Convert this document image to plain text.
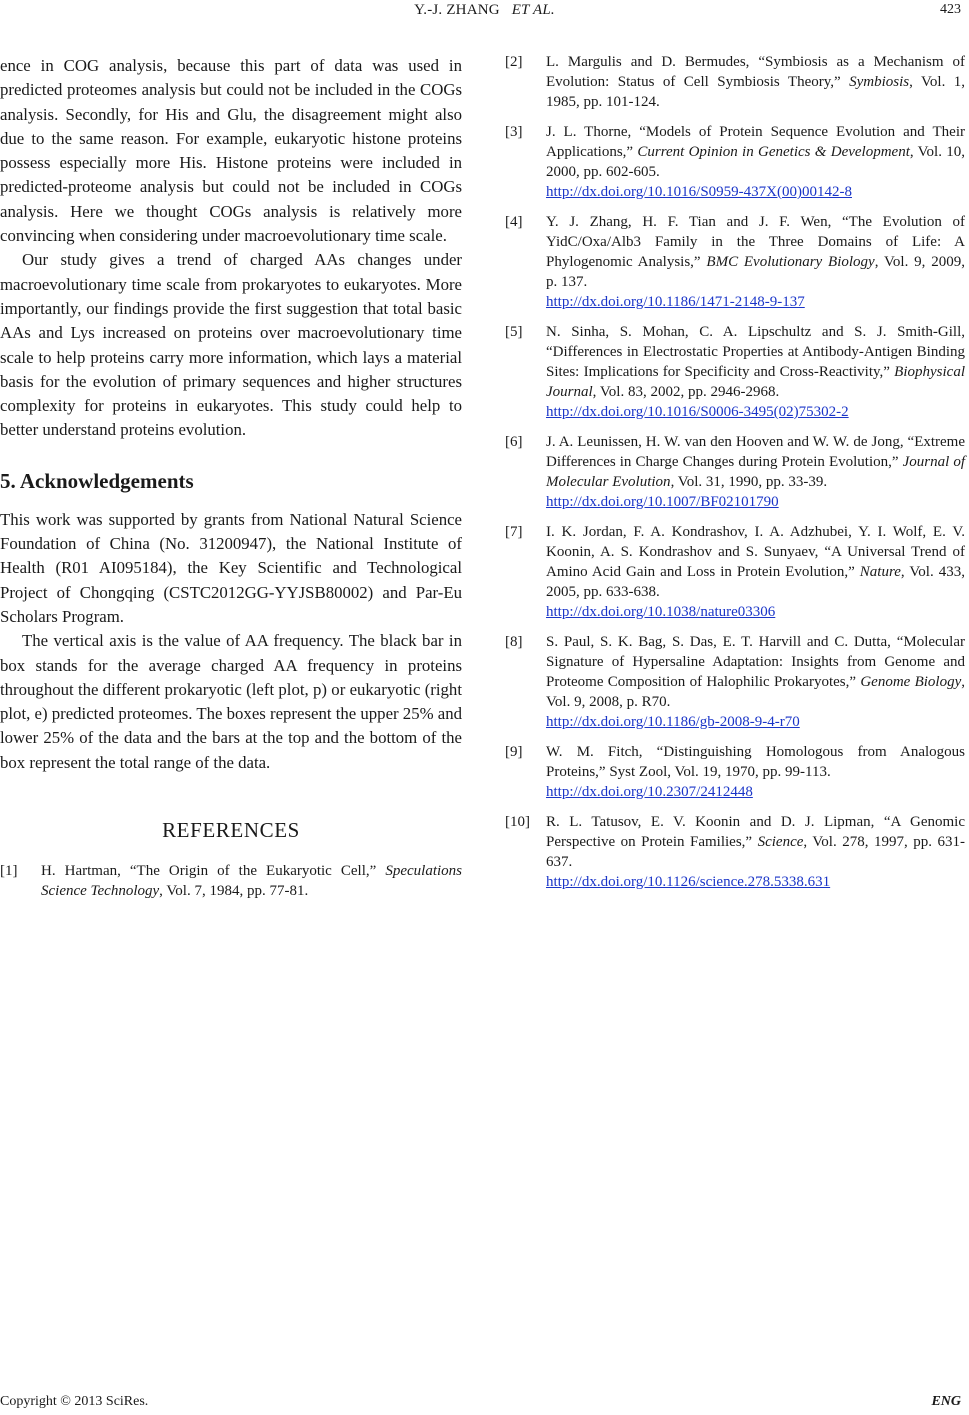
Y.-J. ZHANG ET AL.	423

ence in COG analysis, because this part of data was used in predicted proteomes analysis but could not be included in the COGs analysis. Secondly, for His and Glu, the disagreement might also due to the same reason. For example, eukaryotic histone proteins possess especially more His. Histone proteins were included in predicted-proteome analysis but could not be included in COGs analysis. Here we thought COGs analysis is relatively more convincing when considering under macroevolutionary time scale.

Our study gives a trend of charged AAs changes under macroevolutionary time scale from prokaryotes to eukaryotes. More importantly, our findings provide the first suggestion that total basic AAs and Lys increased on proteins over macroevolutionary time scale to help proteins carry more information, which lays a material basis for the evolution of primary sequences and higher structures complexity for proteins in eukaryotes. This study could help to better understand proteins evolution.

5. Acknowledgements

This work was supported by grants from National Natural Science Foundation of China (No. 31200947), the National Institute of Health (R01 AI095184), the Key Scientific and Technological Project of Chongqing (CSTC2012GG-YYJSB80002) and Par-Eu Scholars Program.

The vertical axis is the value of AA frequency. The black bar in box stands for the average charged AA frequency in proteins throughout the different prokaryotic (left plot, p) or eukaryotic (right plot, e) predicted proteomes. The boxes represent the upper 25% and lower 25% of the data and the bars at the top and the bottom of the box represent the total range of the data.

REFERENCES
[1] H. Hartman, “The Origin of the Eukaryotic Cell,” Speculations Science Technology, Vol. 7, 1984, pp. 77-81.
[2] L. Margulis and D. Bermudes, “Symbiosis as a Mechanism of Evolution: Status of Cell Symbiosis Theory,” Symbiosis, Vol. 1, 1985, pp. 101-124.
[3] J. L. Thorne, “Models of Protein Sequence Evolution and Their Applications,” Current Opinion in Genetics & Development, Vol. 10, 2000, pp. 602-605.
http://dx.doi.org/10.1016/S0959-437X(00)00142-8
[4] Y. J. Zhang, H. F. Tian and J. F. Wen, “The Evolution of YidC/Oxa/Alb3 Family in the Three Domains of Life: A Phylogenomic Analysis,” BMC Evolutionary Biology, Vol. 9, 2009, p. 137.
http://dx.doi.org/10.1186/1471-2148-9-137
[5] N. Sinha, S. Mohan, C. A. Lipschultz and S. J. Smith-Gill, “Differences in Electrostatic Properties at Antibody-Antigen Binding Sites: Implications for Specificity and Cross-Reactivity,” Biophysical Journal, Vol. 83, 2002, pp. 2946-2968.
http://dx.doi.org/10.1016/S0006-3495(02)75302-2
[6] J. A. Leunissen, H. W. van den Hooven and W. W. de Jong, “Extreme Differences in Charge Changes during Protein Evolution,” Journal of Molecular Evolution, Vol. 31, 1990, pp. 33-39.
http://dx.doi.org/10.1007/BF02101790
[7] I. K. Jordan, F. A. Kondrashov, I. A. Adzhubei, Y. I. Wolf, E. V. Koonin, A. S. Kondrashov and S. Sunyaev, “A Universal Trend of Amino Acid Gain and Loss in Protein Evolution,” Nature, Vol. 433, 2005, pp. 633-638.
http://dx.doi.org/10.1038/nature03306
[8] S. Paul, S. K. Bag, S. Das, E. T. Harvill and C. Dutta, “Molecular Signature of Hypersaline Adaptation: Insights from Genome and Proteome Composition of Halophilic Prokaryotes,” Genome Biology, Vol. 9, 2008, p. R70.
http://dx.doi.org/10.1186/gb-2008-9-4-r70
[9] W. M. Fitch, “Distinguishing Homologous from Analogous Proteins,” Syst Zool, Vol. 19, 1970, pp. 99-113.
http://dx.doi.org/10.2307/2412448
[10] R. L. Tatusov, E. V. Koonin and D. J. Lipman, “A Genomic Perspective on Protein Families,” Science, Vol. 278, 1997, pp. 631-637.
http://dx.doi.org/10.1126/science.278.5338.631
Copyright © 2013 SciRes.	ENG
